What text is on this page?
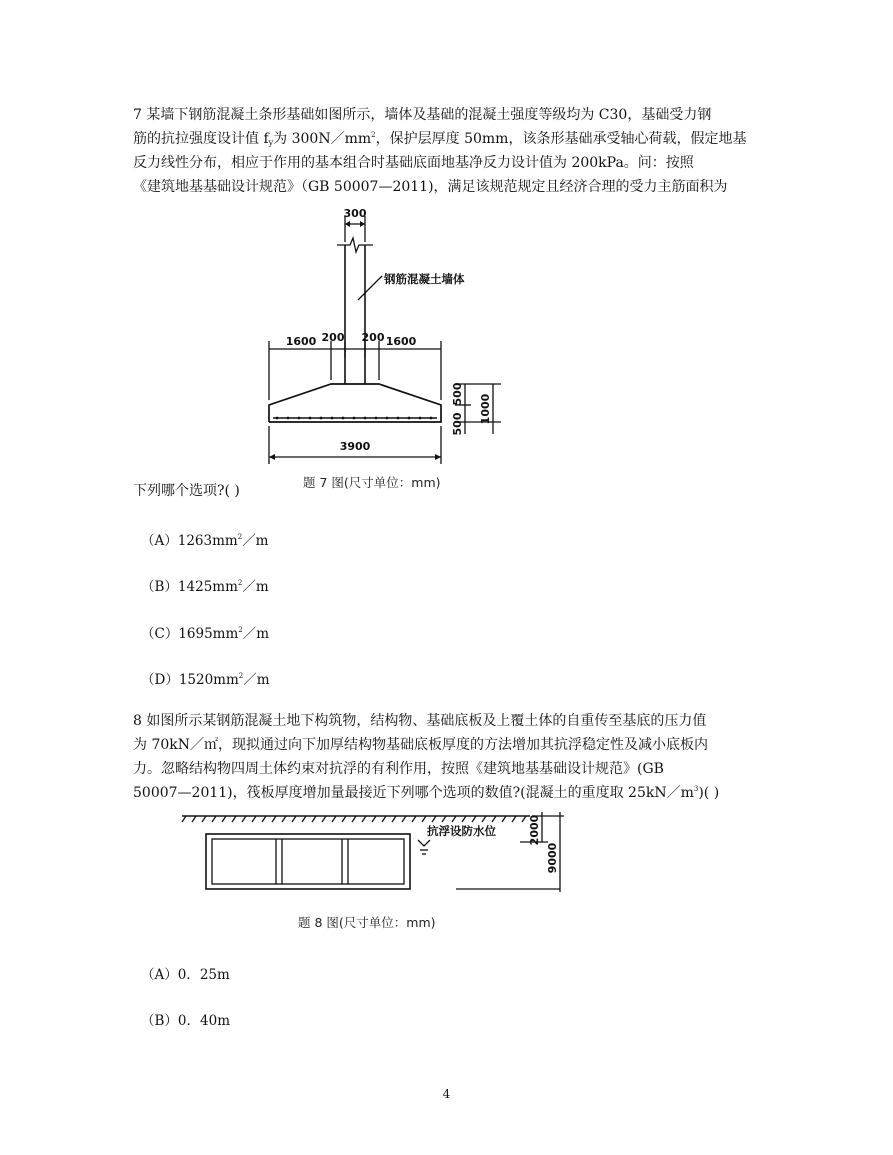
7 某墙下钢筋混凝土条形基础如图所示，墙体及基础的混凝土强度等级均为 C30，基础受力钢
筋的抗拉强度设计值 $f_y$为 $300N/mm^2$，保护层厚度 50mm，该条形基础承受轴心荷载，假定地基
反力线性分布，相应于作用的基本组合时基础底面地基净反力设计值为 200kPa。问：按照
《建筑地基基础设计规范》（GB 50007—2011)，满足该规范规定且经济合理的受力主筋面积为
300
钢筋混凝土墙体
1600 200 200 1600
3900
500
500 1000
题 7 图(尺寸单位：mm)
下列哪个选项?( )
$(A)1263mm^2/m$
$(B)1425mm^2/m$
$(C)1695mm^2/m$
$(D)1520mm^2/m$
8 如图所示某钢筋混凝土地下构筑物，结构物、基础底板及上覆土体的自重传至基底的压力值
为 70kN／㎡，现拟通过向下加厚结构物基础底板厚度的方法增加其抗浮稳定性及减小底板内
力。忽略结构物四周土体约束对抗浮的有利作用，按照《建筑地基基础设计规范》(GB
50007—2011)，筏板厚度增加量最接近下列哪个选项的数值?(混凝土的重度取 $25kN/m^3$)( )
抗浮设防水位	2000
9000
题 8 图(尺寸单位：mm)
（A）0．25m
（B）0．40m
4
